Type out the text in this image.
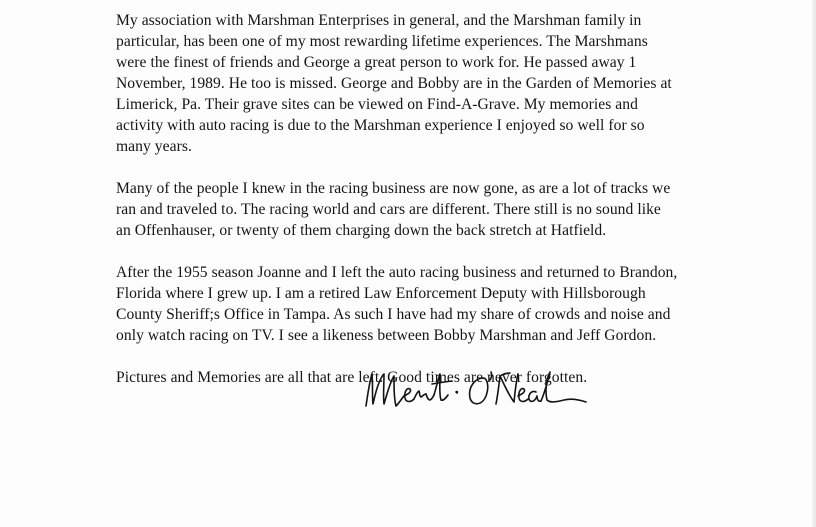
My association with Marshman Enterprises in general, and the Marshman family in
particular, has been one of my most rewarding lifetime experiences. The Marshmans
were the finest of friends and George a great person to work for. He passed away 1
November, 1989. He too is missed. George and Bobby are in the Garden of Memories at
Limerick, Pa. Their grave sites can be viewed on Find-A-Grave. My memories and
activity with auto racing is due to the Marshman experience I enjoyed so well for so
many years.

Many of the people I knew in the racing business are now gone, as are a lot of tracks we
ran and traveled to. The racing world and cars are different. There still is no sound like
an Offenhauser, or twenty of them charging down the back stretch at Hatfield.

After the 1955 season Joanne and I left the auto racing business and returned to Brandon,
Florida where I grew up. I am a retired Law Enforcement Deputy with Hillsborough
County Sheriff;s Office in Tampa. As such I have had my share of crowds and noise and
only watch racing on TV. I see a likeness between Bobby Marshman and Jeff Gordon.

Pictures and Memories are all that are left. Good times are never forgotten.
